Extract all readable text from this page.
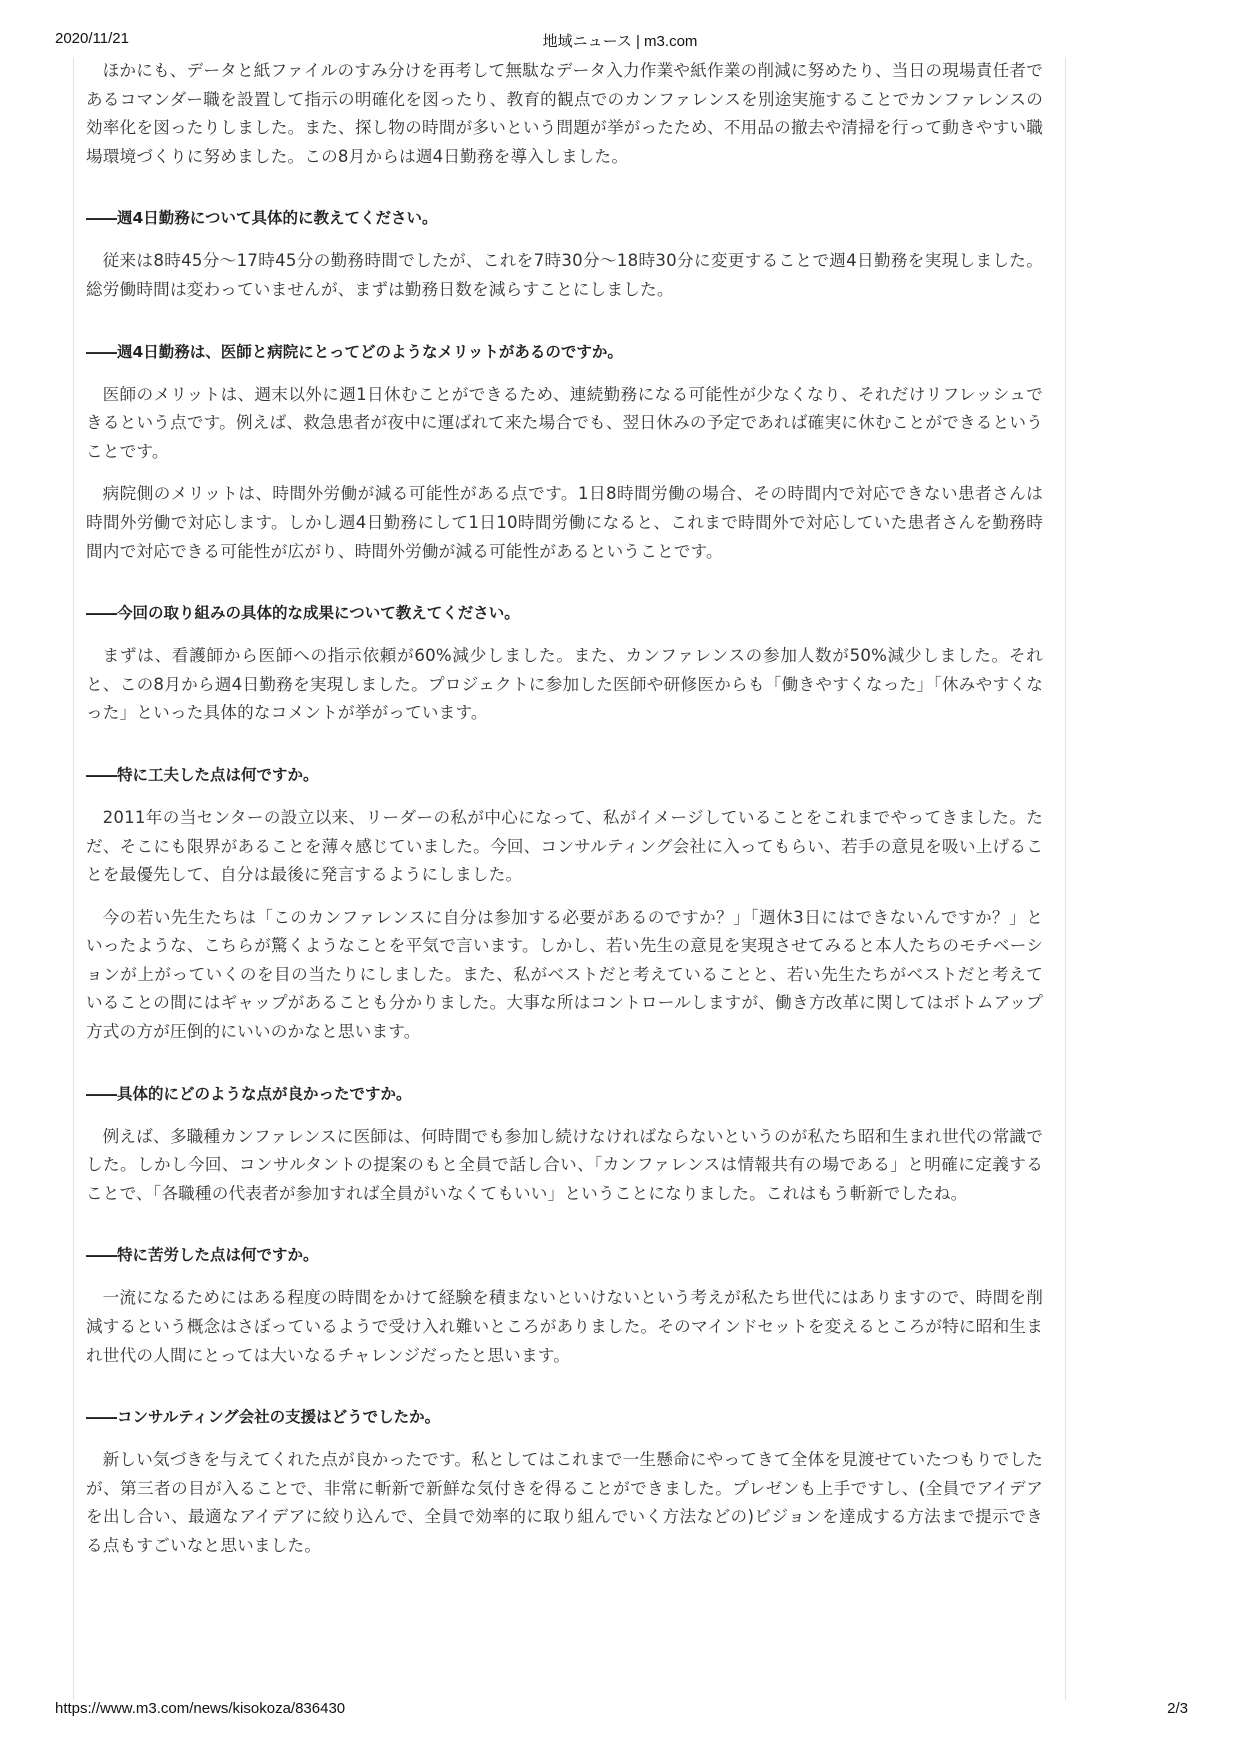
2020/11/21	地域ニュース | m3.com

ほかにも、データと紙ファイルのすみ分けを再考して無駄なデータ入力作業や紙作業の削減に努めたり、当日の現場責任者であるコマンダー職を設置して指示の明確化を図ったり、教育的観点でのカンファレンスを別途実施することでカンファレンスの効率化を図ったりしました。また、探し物の時間が多いという問題が挙がったため、不用品の撤去や清掃を行って動きやすい職場環境づくりに努めました。この8月からは週4日勤務を導入しました。

――週4日勤務について具体的に教えてください。

従来は8時45分～17時45分の勤務時間でしたが、これを7時30分～18時30分に変更することで週4日勤務を実現しました。総労働時間は変わっていませんが、まずは勤務日数を減らすことにしました。

――週4日勤務は、医師と病院にとってどのようなメリットがあるのですか。

医師のメリットは、週末以外に週1日休むことができるため、連続勤務になる可能性が少なくなり、それだけリフレッシュできるという点です。例えば、救急患者が夜中に運ばれて来た場合でも、翌日休みの予定であれば確実に休むことができるということです。

病院側のメリットは、時間外労働が減る可能性がある点です。1日8時間労働の場合、その時間内で対応できない患者さんは時間外労働で対応します。しかし週4日勤務にして1日10時間労働になると、これまで時間外で対応していた患者さんを勤務時間内で対応できる可能性が広がり、時間外労働が減る可能性があるということです。

――今回の取り組みの具体的な成果について教えてください。

まずは、看護師から医師への指示依頼が60%減少しました。また、カンファレンスの参加人数が50%減少しました。それと、この8月から週4日勤務を実現しました。プロジェクトに参加した医師や研修医からも「働きやすくなった」「休みやすくなった」といった具体的なコメントが挙がっています。

――特に工夫した点は何ですか。

2011年の当センターの設立以来、リーダーの私が中心になって、私がイメージしていることをこれまでやってきました。ただ、そこにも限界があることを薄々感じていました。今回、コンサルティング会社に入ってもらい、若手の意見を吸い上げることを最優先して、自分は最後に発言するようにしました。

今の若い先生たちは「このカンファレンスに自分は参加する必要があるのですか？」「週休3日にはできないんですか？」といったような、こちらが驚くようなことを平気で言います。しかし、若い先生の意見を実現させてみると本人たちのモチベーションが上がっていくのを目の当たりにしました。また、私がベストだと考えていることと、若い先生たちがベストだと考えていることの間にはギャップがあることも分かりました。大事な所はコントロールしますが、働き方改革に関してはボトムアップ方式の方が圧倒的にいいのかなと思います。

――具体的にどのような点が良かったですか。

例えば、多職種カンファレンスに医師は、何時間でも参加し続けなければならないというのが私たち昭和生まれ世代の常識でした。しかし今回、コンサルタントの提案のもと全員で話し合い、「カンファレンスは情報共有の場である」と明確に定義することで、「各職種の代表者が参加すれば全員がいなくてもいい」ということになりました。これはもう斬新でしたね。

――特に苦労した点は何ですか。

一流になるためにはある程度の時間をかけて経験を積まないといけないという考えが私たち世代にはありますので、時間を削減するという概念はさぼっているようで受け入れ難いところがありました。そのマインドセットを変えるところが特に昭和生まれ世代の人間にとっては大いなるチャレンジだったと思います。

――コンサルティング会社の支援はどうでしたか。

新しい気づきを与えてくれた点が良かったです。私としてはこれまで一生懸命にやってきて全体を見渡せていたつもりでしたが、第三者の目が入ることで、非常に斬新で新鮮な気付きを得ることができました。プレゼンも上手ですし、(全員でアイデアを出し合い、最適なアイデアに絞り込んで、全員で効率的に取り組んでいく方法などの)ビジョンを達成する方法まで提示できる点もすごいなと思いました。

https://www.m3.com/news/kisokoza/836430	2/3
